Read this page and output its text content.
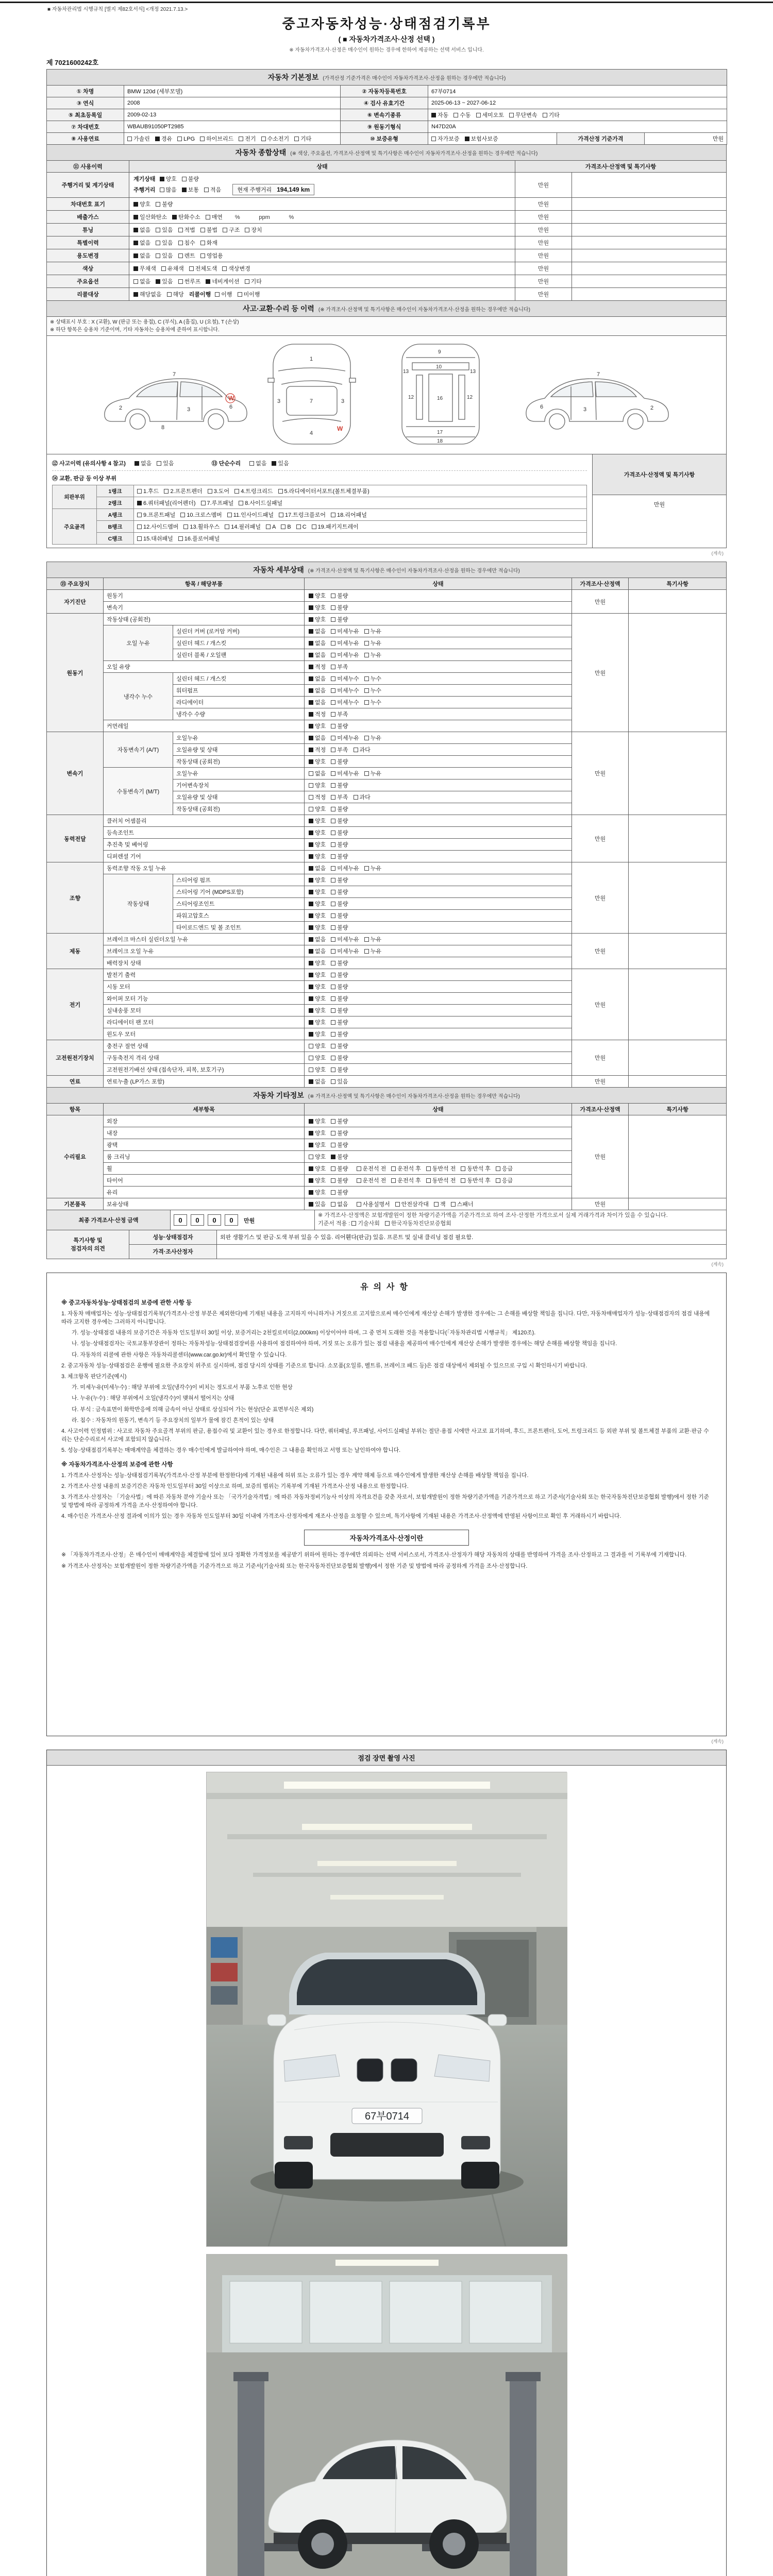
■ 자동차관리법 시행규칙 [별지 제82호서식] <개정 2021.7.13.>
중고자동차성능·상태점검기록부
( ■ 자동차가격조사·산정 선택 )
※ 자동차가격조사·산정은 매수인이 원하는 경우에 한하여 제공하는 선택 서비스 입니다.
제 7021600242호
자동차 기본정보 (가격산정 기준가격은 매수인이 자동차가격조사·산정을 원하는 경우에만 적습니다)					
① 차명	BMW 120d (세부모델)	② 자동차등록번호	67부0714		
③ 연식	2008	④ 검사 유효기간	2025-06-13 ~ 2027-06-12		
⑤ 최초등록일	2009-02-13	⑥ 변속기종류	자동 수동 세미오토 무단변속 기타		
⑦ 차대번호	WBAUB91050PT2985	⑨ 원동기형식	N47D20A		
⑧ 사용연료	가솔린 경유 LPG 하이브리드 전기 수소전기 기타	⑩ 보증유형	자가보증 보험사보증	가격산정 기준가격	만원
자동차 종합상태 (※ 색상, 주요옵션, 가격조사·산정액 및 특기사항은 매수인이 자동차가격조사·산정을 원하는 경우에만 적습니다)			
⑪ 사용이력	상태	가격조사·산정액 및 특기사항	
주행거리 및 계기상태	계기상태 양호 불량
주행거리 많음 보통 적음 현재 주행거리 194,149 km	만원	
차대번호 표기	양호 불량	만원	
배출가스	일산화탄소 탄화수소 매연 %            ppm            %	만원	
튜닝	없음 있음 적법 불법 구조 장치	만원	
특별이력	없음 있음 침수 화재	만원	
용도변경	없음 있음 렌트 영업용	만원	
색상	무채색 유채색 전체도색 색상변경	만원	
주요옵션	없음 있음 썬루프 네비게이션 기타	만원	
리콜대상	해당없음 해당 리콜이행 이행 미이행	만원	
사고·교환·수리 등 이력 (※ 가격조사·산정액 및 특기사항은 매수인이 자동차가격조사·산정을 원하는 경우에만 적습니다)

※ 상태표시 부호 : X (교환), W (판금 또는 용접), C (부식), A (흠집), U (요철), T (손상)
※ 하단 항목은 승용차 기준이며, 기타 자동차는 승용차에 준하여 표시합니다.

2	3	6
7
8
W
1
7
4
3	3
W
9
10
12	12
16
17
18
13	13
2
3
6
7

⑫ 사고이력 (유의사항 4 참고)	없음 있음	⑬ 단순수리	없음 있음
⑭ 교환, 판금 등 이상 부위
외판부위	1랭크	1.후드 2.프론트펜더 3.도어 4.트렁크리드 5.라디에이터서포트(볼트체결부품)
2랭크	6.쿼터패널(리어펜더) 7.루프패널 8.사이드실패널
주요골격	A랭크	9.프론트패널 10.크로스멤버 11.인사이드패널 17.트렁크플로어 18.리어패널
B랭크	12.사이드멤버 13.휠하우스 14.필러패널 A B C 19.패키지트레이
C랭크	15.대쉬패널 16.플로어패널
	가격조사·산정액 및 특기사항
만원
(계속)
자동차 세부상태 (※ 가격조사·산정액 및 특기사항은 매수인이 자동차가격조사·산정을 원하는 경우에만 적습니다)					
⑮ 주요장치	항목 / 해당부품		상태	가격조사·산정액	특기사항
자기진단	원동기		양호 불량	만원	
	변속기		양호 불량		
원동기	작동상태 (공회전)		양호 불량	만원	
	오일 누유	실린더 커버 (로커암 커버)	없음 미세누유 누유		
		실린더 헤드 / 개스킷	없음 미세누유 누유		
		실린더 블록 / 오일팬	없음 미세누유 누유		
	오일 유량		적정 부족		
	냉각수 누수	실린더 헤드 / 개스킷	없음 미세누수 누수		
		워터펌프	없음 미세누수 누수		
		라디에이터	없음 미세누수 누수		
		냉각수 수량	적정 부족		
	커먼레일		양호 불량		
변속기	자동변속기 (A/T)	오일누유	없음 미세누유 누유	만원	
		오일유량 및 상태	적정 부족 과다		
		작동상태 (공회전)	양호 불량		
	수동변속기 (M/T)	오일누유	없음 미세누유 누유		
		기어변속장치	양호 불량		
		오일유량 및 상태	적정 부족 과다		
		작동상태 (공회전)	양호 불량		
동력전달	클러치 어셈블리		양호 불량	만원	
	등속조인트		양호 불량		
	추진축 및 베어링		양호 불량		
	디퍼렌셜 기어		양호 불량		
조향	동력조향 작동 오일 누유		없음 미세누유 누유	만원	
	작동상태	스티어링 펌프	양호 불량		
		스티어링 기어 (MDPS포함)	양호 불량		
		스티어링조인트	양호 불량		
		파워고압호스	양호 불량		
		타이로드엔드 및 볼 조인트	양호 불량		
제동	브레이크 마스터 실린더오일 누유		없음 미세누유 누유	만원	
	브레이크 오일 누유		없음 미세누유 누유		
	배력장치 상태		양호 불량		
전기	발전기 출력		양호 불량	만원	
	시동 모터		양호 불량		
	와이퍼 모터 기능		양호 불량		
	실내송풍 모터		양호 불량		
	라디에이터 팬 모터		양호 불량		
	윈도우 모터		양호 불량		
고전원전기장치	충전구 절연 상태		양호 불량	만원	
	구동축전지 격리 상태		양호 불량		
	고전원전기배선 상태 (접속단자, 피복, 보호기구)		양호 불량		
연료	연료누출 (LP가스 포함)		없음 있음	만원	
자동차 기타정보 (※ 가격조사·산정액 및 특기사항은 매수인이 자동차가격조사·산정을 원하는 경우에만 적습니다)				
항목	세부항목	상태	가격조사·산정액	특기사항
수리필요	외장	양호 불량	만원	
	내장	양호 불량		
	광택	양호 불량		
	룸 크리닝	양호 불량		
	휠	양호 불량 운전석 전 운전석 후 동반석 전 동반석 후 응급		
	타이어	양호 불량 운전석 전 운전석 후 동반석 전 동반석 후 응급		
	유리	양호 불량		
기본품목	보유상태	있음 없음 사용설명서 안전삼각대 잭 스패너	만원	
최종 가격조사·산정 금액	0 0 0 0 만원	
※ 가격조사·산정액은 보험개발원이 정한 차량기준가액을 기준가격으로 하여 조사·산정한 가격으로서 실제 거래가격과 차이가 있을 수 있습니다.
기준서 적용 : 기술사회 한국자동차진단보증협회
특기사항 및
점검자의 의견	성능·상태점검자	외판 생활기스 및 판금·도색 부위 있을 수 있음. 리어휀다(판금) 있음. 프론트 및 실내 클리닝 점검 필요함.
	가격·조사산정자	
(계속)
유의사항
※ 중고자동차성능·상태점검의 보증에 관한 사항 등
1. 자동차 매매업자는 성능·상태점검기록부(가격조사·산정 부분은 제외한다)에 기재된 내용을 고지하지 아니하거나 거짓으로 고지함으로써 매수인에게 재산상 손해가 발생한 경우에는 그 손해를 배상할 책임을 집니다. 다만, 자동차매매업자가 성능·상태점검자의 점검 내용에 따라 고지한 경우에는 그러하지 아니합니다.
가. 성능·상태점검 내용의 보증기간은 자동차 인도일부터 30일 이상, 보증거리는 2천킬로미터(2,000km) 이상이어야 하며, 그 중 먼저 도래한 것을 적용합니다(「자동차관리법 시행규칙」 제120조).
나. 성능·상태점검자는 국토교통부장관이 정하는 자동차성능·상태점검장비를 사용하여 점검하여야 하며, 거짓 또는 오류가 있는 점검 내용을 제공하여 매수인에게 재산상 손해가 발생한 경우에는 해당 손해를 배상할 책임을 집니다.
다. 자동차의 리콜에 관한 사항은 자동차리콜센터(www.car.go.kr)에서 확인할 수 있습니다.
2. 중고자동차 성능·상태점검은 운행에 필요한 주요장치 위주로 실시하며, 점검 당시의 상태를 기준으로 합니다. 소모품(오일류, 벨트류, 브레이크 패드 등)은 점검 대상에서 제외될 수 있으므로 구입 시 확인하시기 바랍니다.
3. 체크항목 판단기준(예시)
가. 미세누유(미세누수) : 해당 부위에 오일(냉각수)이 비치는 정도로서 부품 노후로 인한 현상
나. 누유(누수) : 해당 부위에서 오일(냉각수)이 맺혀서 떨어지는 상태
다. 부식 : 금속표면이 화학반응에 의해 금속이 아닌 상태로 상실되어 가는 현상(단순 표면부식은 제외)
라. 침수 : 자동차의 원동기, 변속기 등 주요장치의 일부가 물에 잠긴 흔적이 있는 상태
4. 사고이력 인정범위 : 사고로 자동차 주요골격 부위의 판금, 용접수리 및 교환이 있는 경우로 한정합니다. 다만, 쿼터패널, 루프패널, 사이드실패널 부위는 절단·용접 시에만 사고로 표기하며, 후드, 프론트펜더, 도어, 트렁크리드 등 외판 부위 및 볼트체결 부품의 교환·판금 수리는 단순수리로서 사고에 포함되지 않습니다.
5. 성능·상태점검기록부는 매매계약을 체결하는 경우 매수인에게 발급하여야 하며, 매수인은 그 내용을 확인하고 서명 또는 날인하여야 합니다.
※ 자동차가격조사·산정의 보증에 관한 사항
1. 가격조사·산정자는 성능·상태점검기록부(가격조사·산정 부분에 한정한다)에 기재된 내용에 허위 또는 오류가 있는 경우 계약 해제 등으로 매수인에게 발생한 재산상 손해를 배상할 책임을 집니다.
2. 가격조사·산정 내용의 보증기간은 자동차 인도일부터 30일 이상으로 하며, 보증의 범위는 기록부에 기재된 가격조사·산정 내용으로 한정합니다.
3. 가격조사·산정자는 「기술사법」에 따른 자동차 분야 기술사 또는 「국가기술자격법」에 따른 자동차정비기능사 이상의 자격요건을 갖춘 자로서, 보험개발원이 정한 차량기준가액을 기준가격으로 하고 기준서(기술사회 또는 한국자동차진단보증협회 발행)에서 정한 기준 및 방법에 따라 공정하게 가격을 조사·산정하여야 합니다.
4. 매수인은 가격조사·산정 결과에 이의가 있는 경우 자동차 인도일부터 30일 이내에 가격조사·산정자에게 재조사·산정을 요청할 수 있으며, 특기사항에 기재된 내용은 가격조사·산정액에 반영된 사항이므로 확인 후 거래하시기 바랍니다.
자동차가격조사·산정이란
※ 「자동차가격조사·산정」은 매수인이 매매계약을 체결함에 있어 보다 정확한 가격정보를 제공받기 위하여 원하는 경우에만 의뢰하는 선택 서비스로서, 가격조사·산정자가 해당 자동차의 상태를 반영하여 가격을 조사·산정하고 그 결과를 이 기록부에 기재합니다.
※ 가격조사·산정자는 보험개발원이 정한 차량기준가액을 기준가격으로 하고 기준서(기술사회 또는 한국자동차진단보증협회 발행)에서 정한 기준 및 방법에 따라 공정하게 가격을 조사·산정합니다.
(계속)
점검 장면 촬영 사진
67부0714
